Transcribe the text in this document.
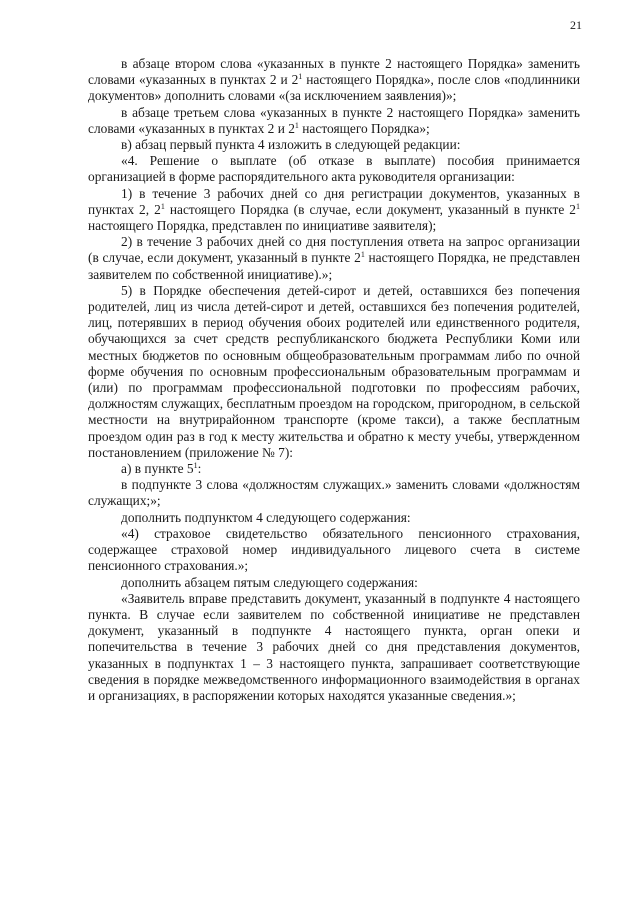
21

в абзаце втором слова «указанных в пункте 2 настоящего Порядка» заменить словами «указанных в пунктах 2 и $2^1$ настоящего Порядка», после слов «подлинники документов» дополнить словами «(за исключением заявления)»;

в абзаце третьем слова «указанных в пункте 2 настоящего Порядка» заменить словами «указанных в пунктах 2 и $2^1$ настоящего Порядка»;

в) абзац первый пункта 4 изложить в следующей редакции:

«4. Решение о выплате (об отказе в выплате) пособия принимается организацией в форме распорядительного акта руководителя организации:

1) в течение 3 рабочих дней со дня регистрации документов, указанных в пунктах 2, $2^1$ настоящего Порядка (в случае, если документ, указанный в пункте $2^1$ настоящего Порядка, представлен по инициативе заявителя);

2) в течение 3 рабочих дней со дня поступления ответа на запрос организации (в случае, если документ, указанный в пункте $2^1$ настоящего Порядка, не представлен заявителем по собственной инициативе).»;

5) в Порядке обеспечения детей-сирот и детей, оставшихся без попечения родителей, лиц из числа детей-сирот и детей, оставшихся без попечения родителей, лиц, потерявших в период обучения обоих родителей или единственного родителя, обучающихся за счет средств республиканского бюджета Республики Коми или местных бюджетов по основным общеобразовательным программам либо по очной форме обучения по основным профессиональным образовательным программам и (или) по программам профессиональной подготовки по профессиям рабочих, должностям служащих, бесплатным проездом на городском, пригородном, в сельской местности на внутрирайонном транспорте (кроме такси), а также бесплатным проездом один раз в год к месту жительства и обратно к месту учебы, утвержденном постановлением (приложение № 7):

а) в пункте $5^1$:

в подпункте 3 слова «должностям служащих.» заменить словами «должностям служащих;»;

дополнить подпунктом 4 следующего содержания:

«4) страховое свидетельство обязательного пенсионного страхования, содержащее страховой номер индивидуального лицевого счета в системе пенсионного страхования.»;

дополнить абзацем пятым следующего содержания:

«Заявитель вправе представить документ, указанный в подпункте 4 настоящего пункта. В случае если заявителем по собственной инициативе не представлен документ, указанный в подпункте 4 настоящего пункта, орган опеки и попечительства в течение 3 рабочих дней со дня представления документов, указанных в подпунктах 1 – 3 настоящего пункта, запрашивает соответствующие сведения в порядке межведомственного информационного взаимодействия в органах и организациях, в распоряжении которых находятся указанные сведения.»;
